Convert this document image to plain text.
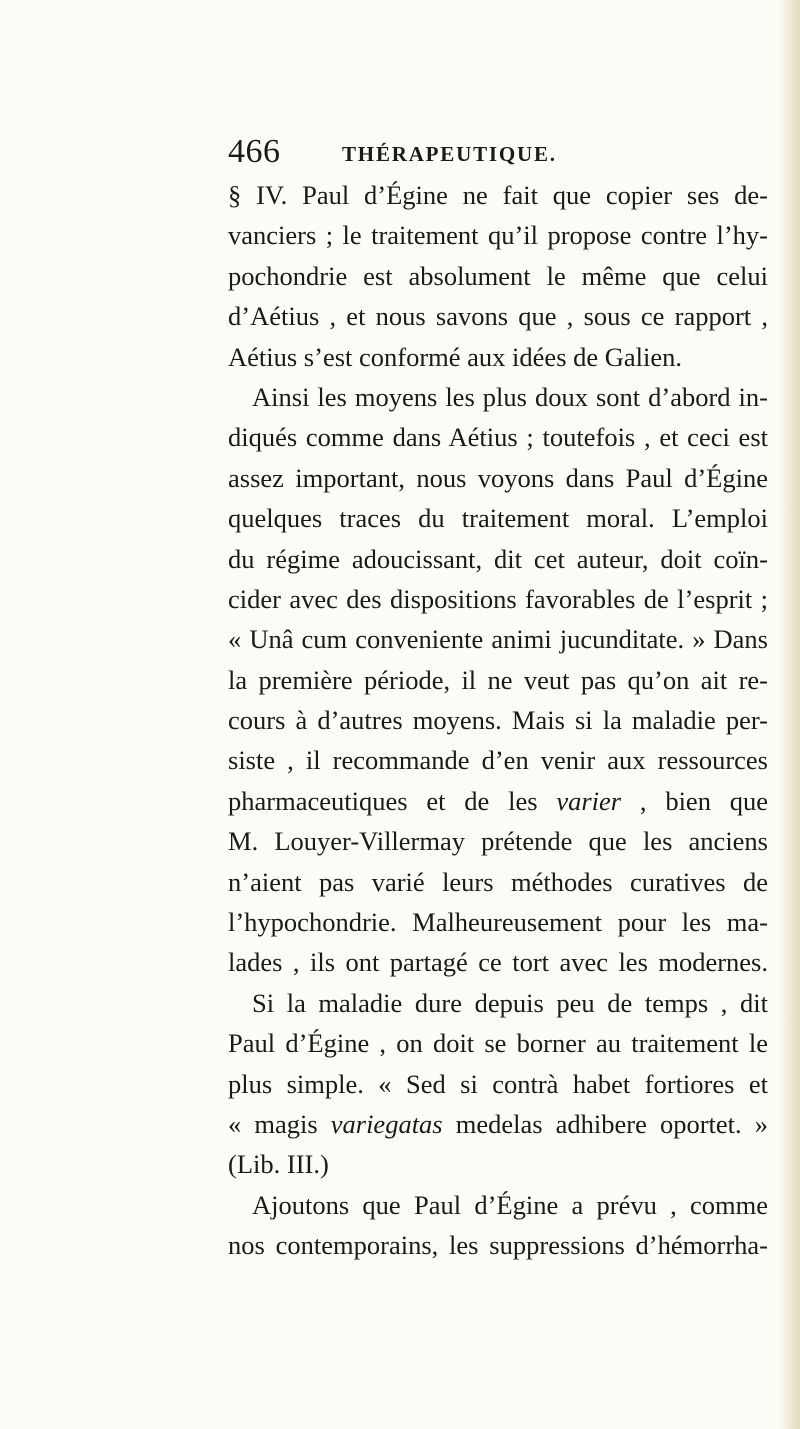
466	THÉRAPEUTIQUE.
§ IV. Paul d’Égine ne fait que copier ses de-
vanciers ; le traitement qu’il propose contre l’hy-
pochondrie est absolument le même que celui
d’Aétius , et nous savons que , sous ce rapport ,
Aétius s’est conformé aux idées de Galien.
Ainsi les moyens les plus doux sont d’abord in-
diqués comme dans Aétius ; toutefois , et ceci est
assez important, nous voyons dans Paul d’Égine
quelques traces du traitement moral. L’emploi
du régime adoucissant, dit cet auteur, doit coïn-
cider avec des dispositions favorables de l’esprit ;
« Unâ cum conveniente animi jucunditate. » Dans
la première période, il ne veut pas qu’on ait re-
cours à d’autres moyens. Mais si la maladie per-
siste , il recommande d’en venir aux ressources
pharmaceutiques et de les varier , bien que
M. Louyer-Villermay prétende que les anciens
n’aient pas varié leurs méthodes curatives de
l’hypochondrie. Malheureusement pour les ma-
lades , ils ont partagé ce tort avec les modernes.
Si la maladie dure depuis peu de temps , dit
Paul d’Égine , on doit se borner au traitement le
plus simple. « Sed si contrà habet fortiores et
« magis variegatas medelas adhibere oportet. »
(Lib. III.)
Ajoutons que Paul d’Égine a prévu , comme
nos contemporains, les suppressions d’hémorrha-
